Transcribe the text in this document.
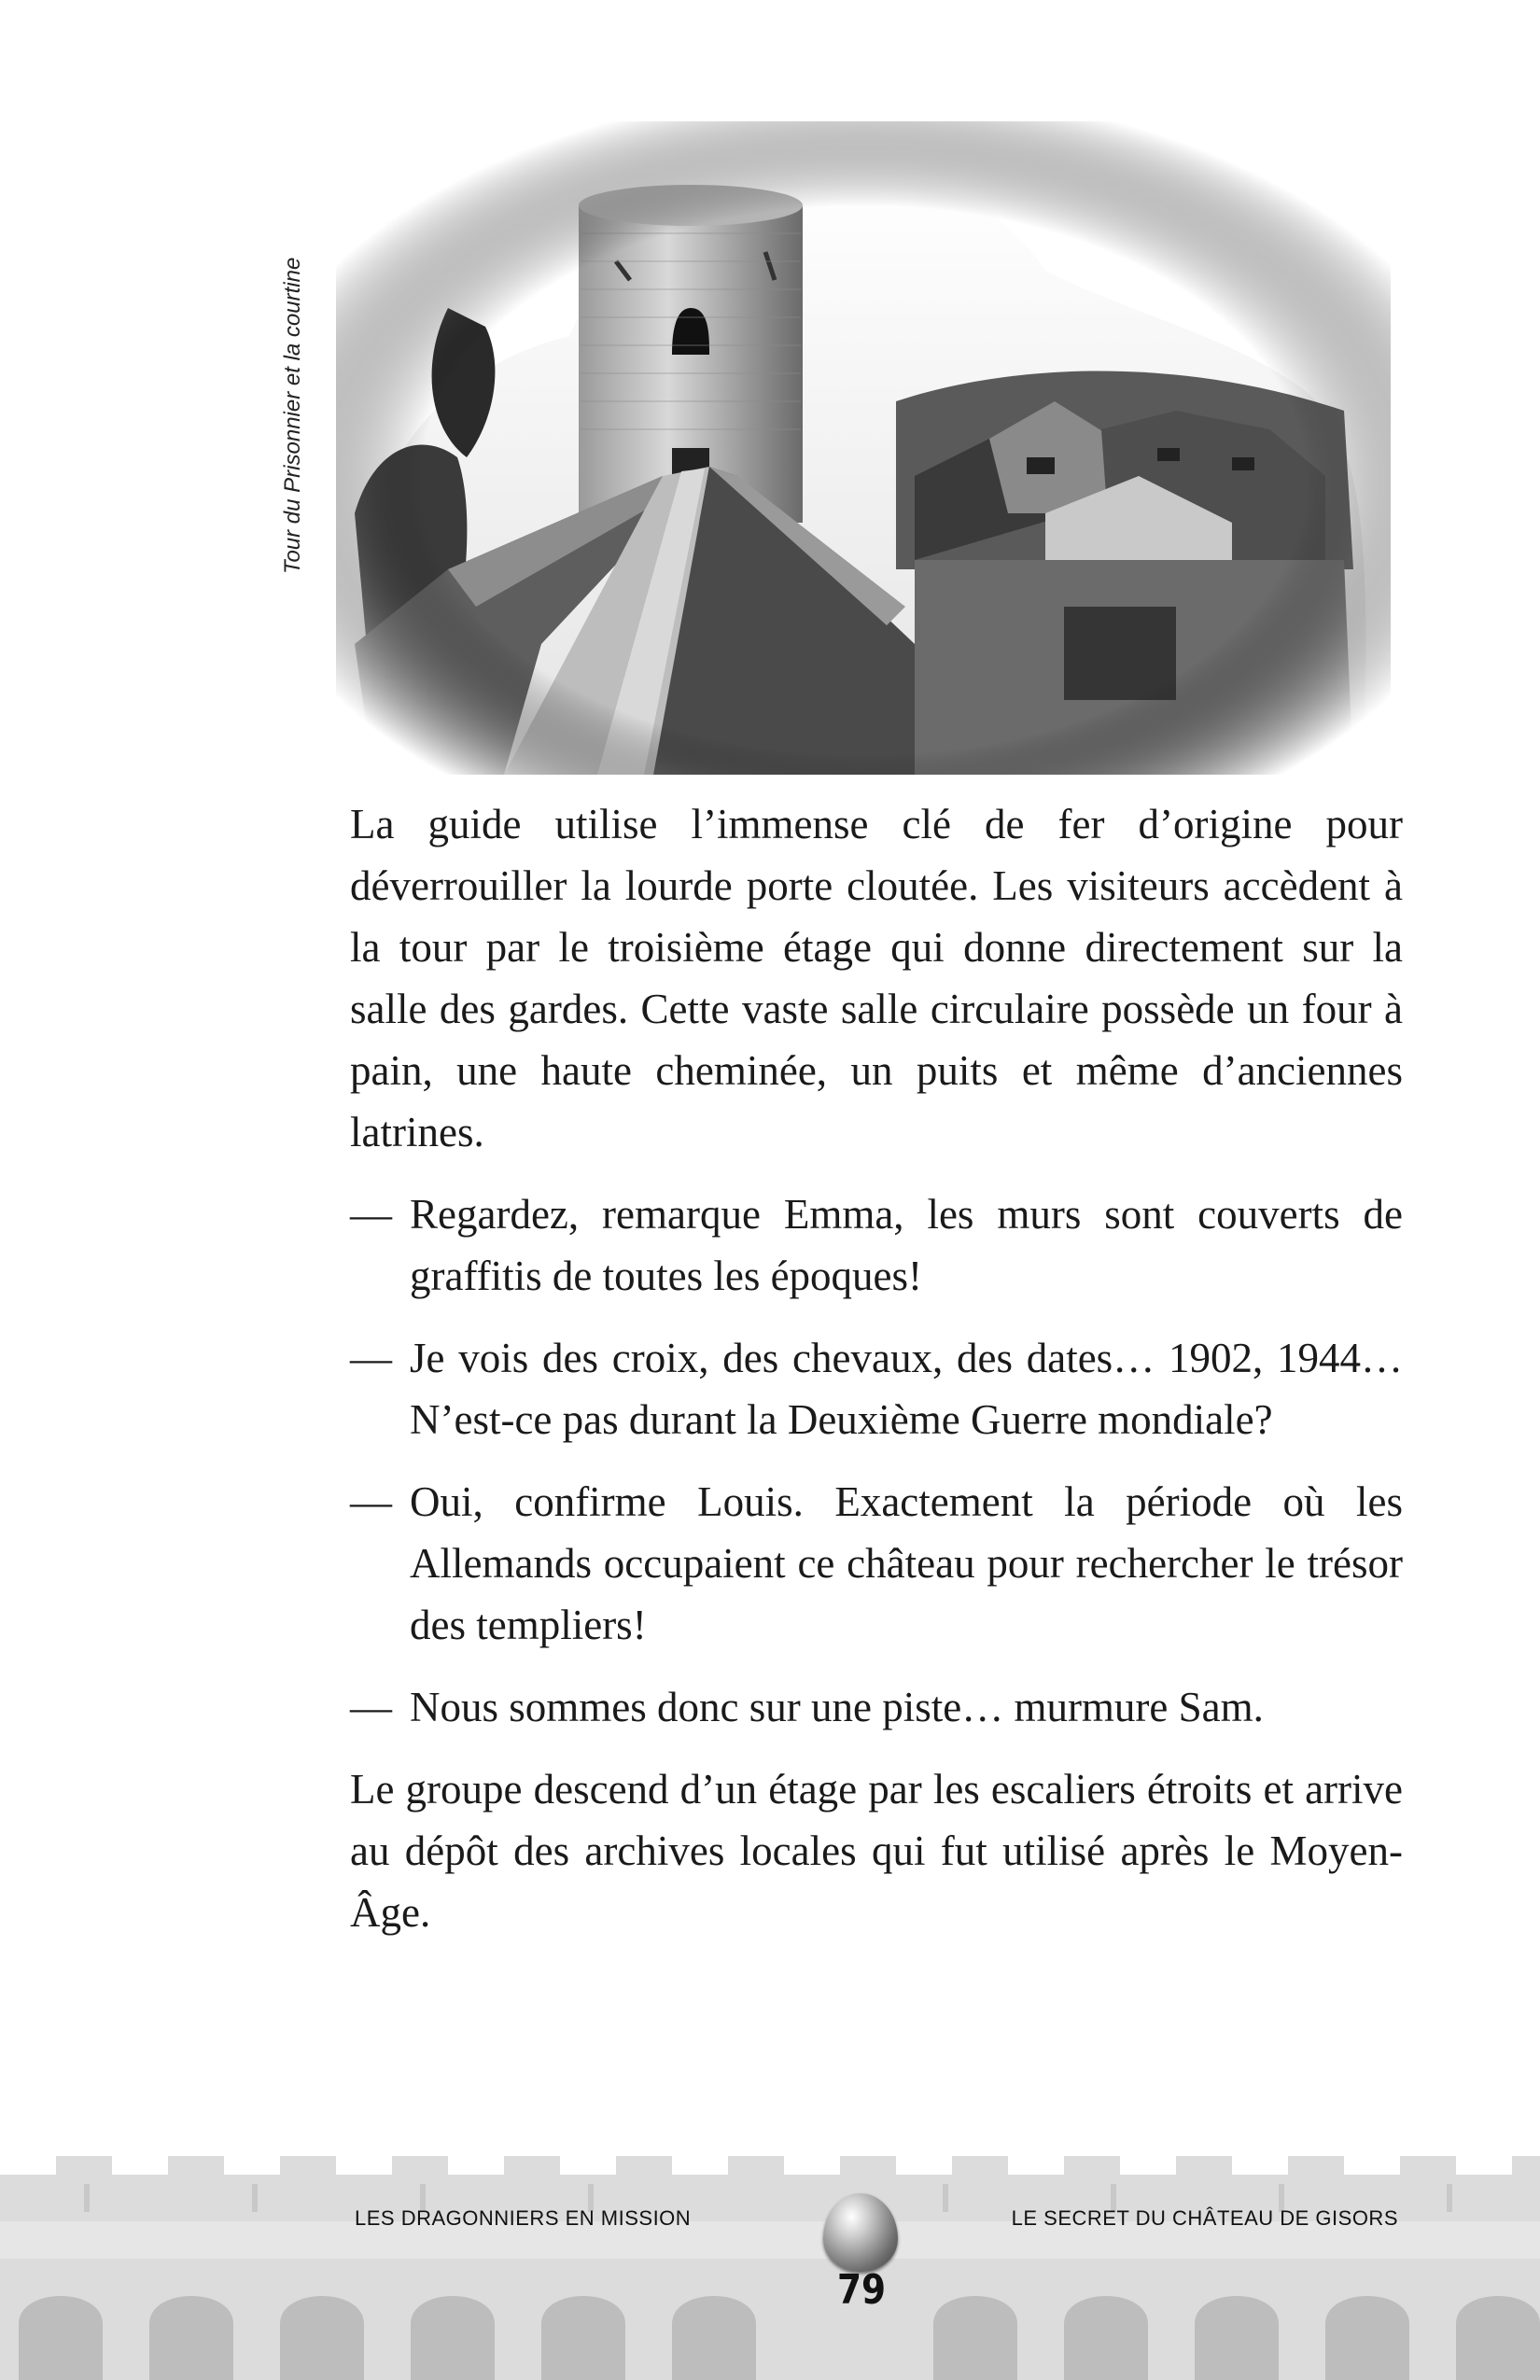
Tour du Prisonnier et la courtine

La guide utilise l’immense clé de fer d’origine pour déverrouiller la lourde porte cloutée. Les visiteurs accèdent à la tour par le troisième étage qui donne directement sur la salle des gardes. Cette vaste salle circulaire possède un four à pain, une haute cheminée, un puits et même d’anciennes latrines.

— Regardez, remarque Emma, les murs sont couverts de graffitis de toutes les époques!
— Je vois des croix, des chevaux, des dates… 1902, 1944… N’est-ce pas durant la Deuxième Guerre mondiale?
— Oui, confirme Louis. Exactement la période où les Allemands occupaient ce château pour rechercher le trésor des templiers!
— Nous sommes donc sur une piste… murmure Sam.

Le groupe descend d’un étage par les escaliers étroits et arrive au dépôt des archives locales qui fut utilisé après le Moyen-Âge.

LES DRAGONNIERS EN MISSION	LE SECRET DU CHÂTEAU DE GISORS
79
